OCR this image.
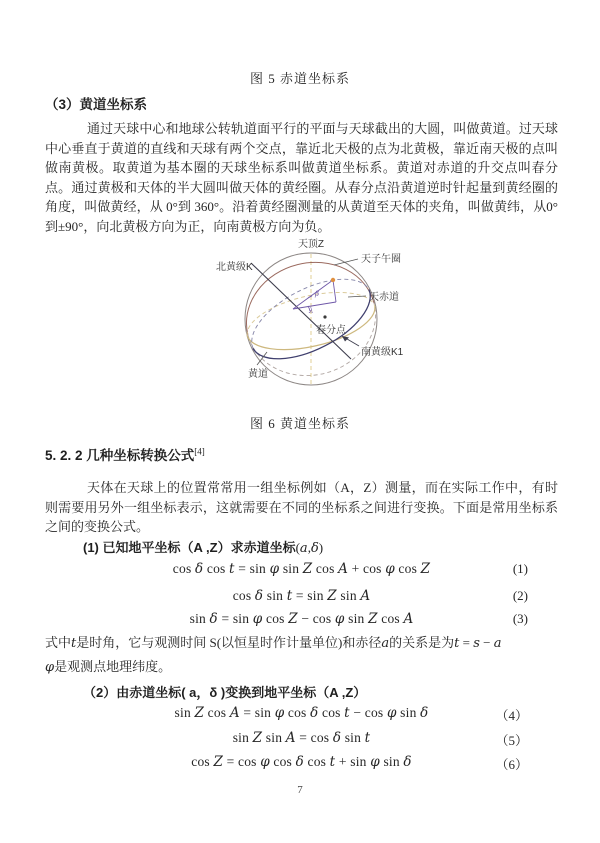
图 5 赤道坐标系
（3）黄道坐标系
通过天球中心和地球公转轨道面平行的平面与天球截出的大圆，叫做黄道。过天球中心垂直于黄道的直线和天球有两个交点，靠近北天极的点为北黄极，靠近南天极的点叫做南黄极。取黄道为基本圈的天球坐标系叫做黄道坐标系。黄道对赤道的升交点叫春分点。通过黄极和天体的半大圆叫做天体的黄经圈。从春分点沿黄道逆时针起量到黄经圈的角度，叫做黄经，从 0°到 360°。沿着黄经圈测量的从黄道至天体的夹角，叫做黄纬，从0°到±90°，向北黄极方向为正，向南黄极方向为负。
β
λ
天顶Z
北黄级K
天子午圈
天赤道
春分点
南黄级K1
黄道
图 6 黄道坐标系
5. 2. 2 几种坐标转换公式[4]
天体在天球上的位置常常用一组坐标例如（A，Z）测量，而在实际工作中，有时则需要用另外一组坐标表示，这就需要在不同的坐标系之间进行变换。下面是常用坐标系之间的变换公式。
(1) 已知地平坐标（A ,Z）求赤道坐标(a,δ)
cos δ cos t = sin φ sin Z cos A + cos φ cos Z	(1)
cos δ sin t = sin Z sin A	(2)
sin δ = sin φ cos Z − cos φ sin Z cos A	(3)
式中t是时角，它与观测时间 S(以恒星时作计量单位)和赤径a的关系是为t = s − a
φ是观测点地理纬度。
（2）由赤道坐标( a，δ )变换到地平坐标（A ,Z）
sin Z cos A = sin φ cos δ cos t − cos φ sin δ	（4）
sin Z sin A = cos δ sin t	（5）
cos Z = cos φ cos δ cos t + sin φ sin δ	（6）
7
